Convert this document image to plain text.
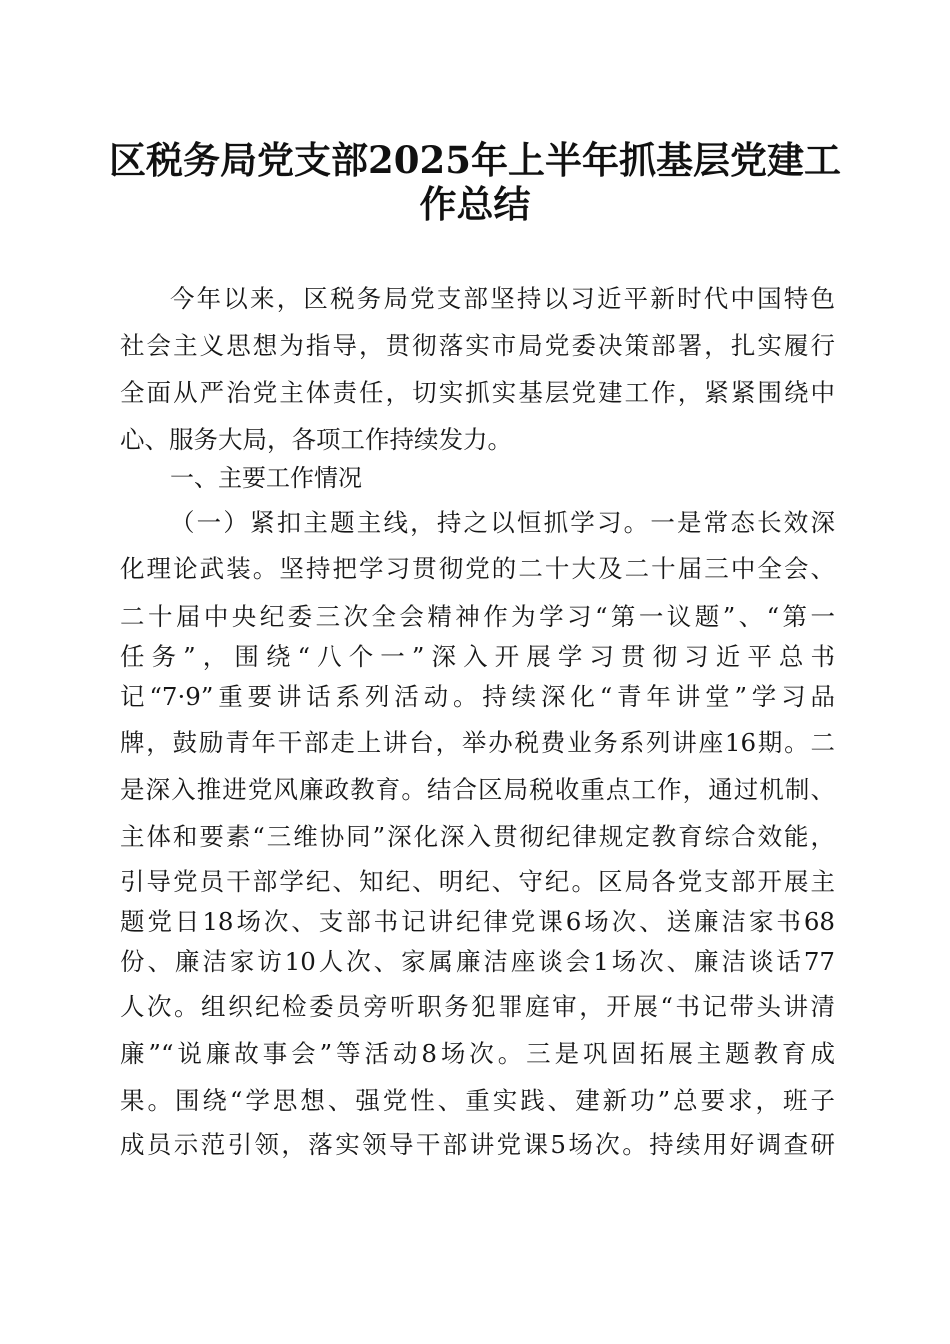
区税务局党支部2025年上半年抓基层党建工
作总结
今年以来，区税务局党支部坚持以习近平新时代中国特色
社会主义思想为指导，贯彻落实市局党委决策部署，扎实履行
全面从严治党主体责任，切实抓实基层党建工作，紧紧围绕中
心、服务大局，各项工作持续发力。
一、主要工作情况
（一）紧扣主题主线，持之以恒抓学习。一是常态长效深
化理论武装。坚持把学习贯彻党的二十大及二十届三中全会、
二十届中央纪委三次全会精神作为学习“第一议题”、“第一
任务”，围绕“八个一”深入开展学习贯彻习近平总书
记“7·9”重要讲话系列活动。持续深化“青年讲堂”学习品
牌，鼓励青年干部走上讲台，举办税费业务系列讲座16期。二
是深入推进党风廉政教育。结合区局税收重点工作，通过机制、
主体和要素“三维协同”深化深入贯彻纪律规定教育综合效能，
引导党员干部学纪、知纪、明纪、守纪。区局各党支部开展主
题党日18场次、支部书记讲纪律党课6场次、送廉洁家书68
份、廉洁家访10人次、家属廉洁座谈会1场次、廉洁谈话77
人次。组织纪检委员旁听职务犯罪庭审，开展“书记带头讲清
廉”“说廉故事会”等活动8场次。三是巩固拓展主题教育成
果。围绕“学思想、强党性、重实践、建新功”总要求，班子
成员示范引领，落实领导干部讲党课5场次。持续用好调查研
